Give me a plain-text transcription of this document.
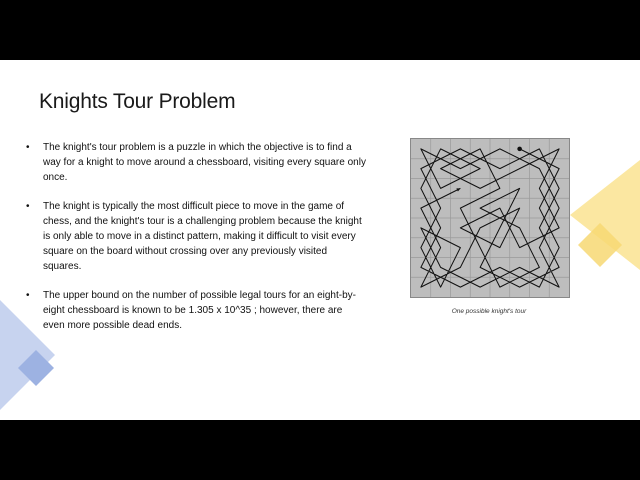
Knights Tour Problem
• The knight's tour problem is a puzzle in which the objective is to find a way for a knight to move around a chessboard, visiting every square only once.
• The knight is typically the most difficult piece to move in the game of chess, and the knight's tour is a challenging problem because the knight is only able to move in a distinct pattern, making it difficult to visit every square on the board without crossing over any previously visited squares.
• The upper bound on the number of possible legal tours for an eight-by-eight chessboard is known to be 1.305 x 10^35 ; however, there are even more possible dead ends.
One possible knight's tour
